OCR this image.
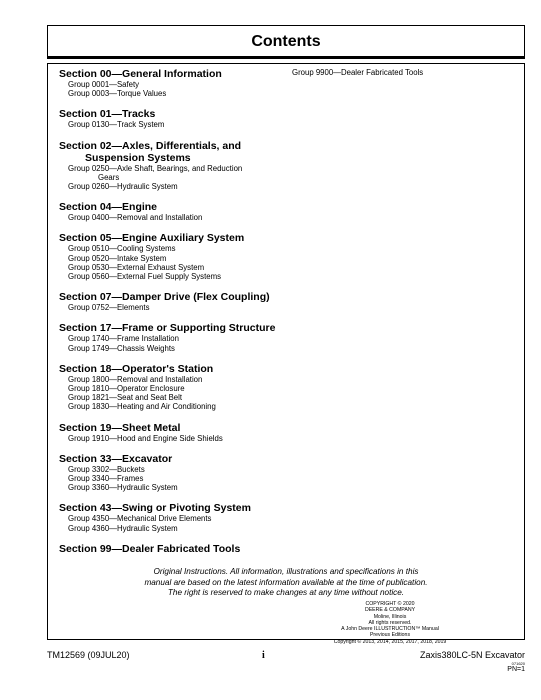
Contents
Section 00—General Information
Group 0001—Safety
Group 0003—Torque Values
Section 01—Tracks
Group 0130—Track System
Section 02—Axles, Differentials, and
Suspension Systems
Group 0250—Axle Shaft, Bearings, and Reduction
Gears
Group 0260—Hydraulic System
Section 04—Engine
Group 0400—Removal and Installation
Section 05—Engine Auxiliary System
Group 0510—Cooling Systems
Group 0520—Intake System
Group 0530—External Exhaust System
Group 0560—External Fuel Supply Systems
Section 07—Damper Drive (Flex Coupling)
Group 0752—Elements
Section 17—Frame or Supporting Structure
Group 1740—Frame Installation
Group 1749—Chassis Weights
Section 18—Operator's Station
Group 1800—Removal and Installation
Group 1810—Operator Enclosure
Group 1821—Seat and Seat Belt
Group 1830—Heating and Air Conditioning
Section 19—Sheet Metal
Group 1910—Hood and Engine Side Shields
Section 33—Excavator
Group 3302—Buckets
Group 3340—Frames
Group 3360—Hydraulic System
Section 43—Swing or Pivoting System
Group 4350—Mechanical Drive Elements
Group 4360—Hydraulic System
Section 99—Dealer Fabricated Tools
Group 9900—Dealer Fabricated Tools
Original Instructions. All information, illustrations and specifications in this
manual are based on the latest information available at the time of publication.
The right is reserved to make changes at any time without notice.
COPYRIGHT © 2020
DEERE & COMPANY
Moline, Illinois
All rights reserved.
A John Deere ILLUSTRUCTION™ Manual
Previous Editions
Copyright © 2013, 2014, 2015, 2017, 2018, 2019
TM12569 (09JUL20)	i	Zaxis380LC-5N Excavator
071620
PN=1
